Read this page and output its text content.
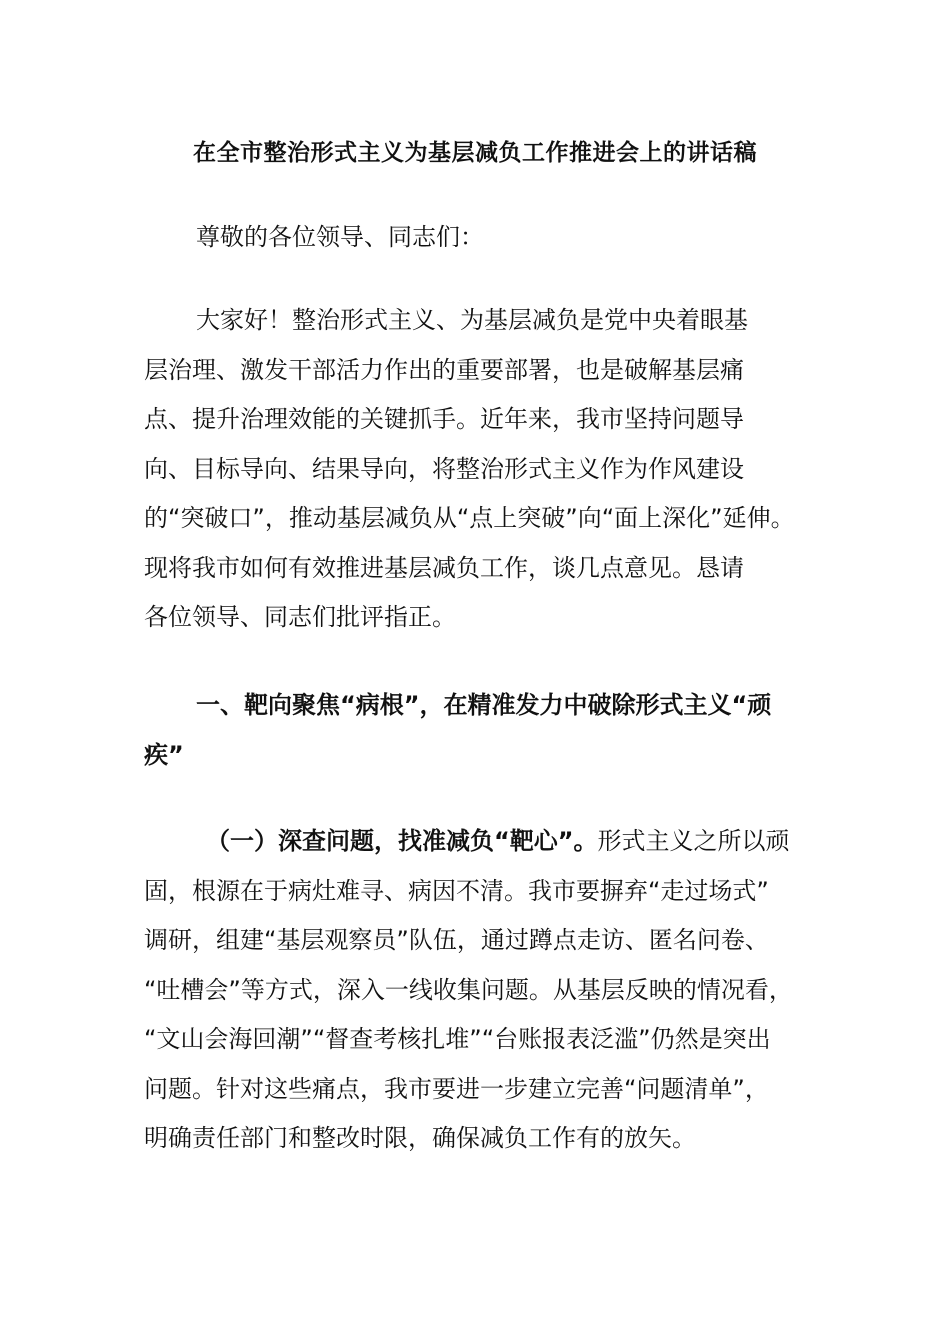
在全市整治形式主义为基层减负工作推进会上的讲话稿
尊敬的各位领导、同志们：
大家好！整治形式主义、为基层减负是党中央着眼基
层治理、激发干部活力作出的重要部署，也是破解基层痛
点、提升治理效能的关键抓手。近年来，我市坚持问题导
向、目标导向、结果导向，将整治形式主义作为作风建设
的“突破口”，推动基层减负从“点上突破”向“面上深化”延伸。
现将我市如何有效推进基层减负工作，谈几点意见。恳请
各位领导、同志们批评指正。
一、靶向聚焦“病根”，在精准发力中破除形式主义“顽
疾”
（一）深查问题，找准减负“靶心”。形式主义之所以顽
固，根源在于病灶难寻、病因不清。我市要摒弃“走过场式”
调研，组建“基层观察员”队伍，通过蹲点走访、匿名问卷、
“吐槽会”等方式，深入一线收集问题。从基层反映的情况看，
“文山会海回潮”“督查考核扎堆”“台账报表泛滥”仍然是突出
问题。针对这些痛点，我市要进一步建立完善“问题清单”，
明确责任部门和整改时限，确保减负工作有的放矢。
